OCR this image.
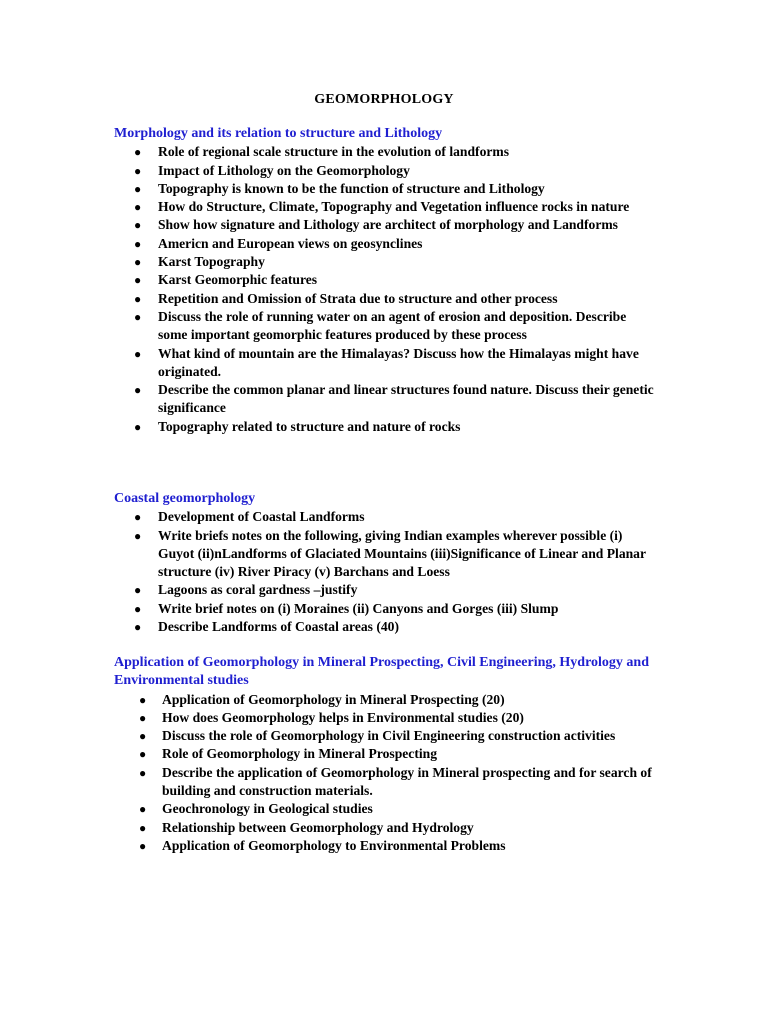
GEOMORPHOLOGY
Morphology and its relation to structure and Lithology
● Role of regional scale structure in the evolution of landforms
● Impact of Lithology on the Geomorphology
● Topography is known to be the function of structure and Lithology
● How do Structure, Climate, Topography and Vegetation influence rocks in nature
● Show how signature and Lithology are architect of morphology and Landforms
● Americn and European views on geosynclines
● Karst Topography
● Karst Geomorphic features
● Repetition and Omission of Strata due to structure and other process
● Discuss the role of running water on an agent of erosion and deposition. Describe some important geomorphic features produced by these process
● What kind of mountain are the Himalayas? Discuss how the Himalayas might have originated.
● Describe the common planar and linear structures found nature. Discuss their genetic significance
● Topography related to structure and nature of rocks
Coastal geomorphology
● Development of Coastal Landforms
● Write briefs notes on the following, giving Indian examples wherever possible (i) Guyot (ii)nLandforms of Glaciated Mountains (iii)Significance of Linear and Planar structure (iv) River Piracy (v) Barchans and Loess
● Lagoons as coral gardness –justify
● Write brief notes on (i) Moraines (ii) Canyons and Gorges (iii) Slump
● Describe Landforms of Coastal areas (40)
Application of Geomorphology in Mineral Prospecting, Civil Engineering, Hydrology and Environmental studies
● Application of Geomorphology in Mineral Prospecting (20)
● How does Geomorphology helps in Environmental studies (20)
● Discuss the role of Geomorphology in Civil Engineering construction activities
● Role of Geomorphology in Mineral Prospecting
● Describe the application of Geomorphology in Mineral prospecting and for search of building and construction materials.
● Geochronology in Geological studies
● Relationship between Geomorphology and Hydrology
● Application of Geomorphology to Environmental Problems
